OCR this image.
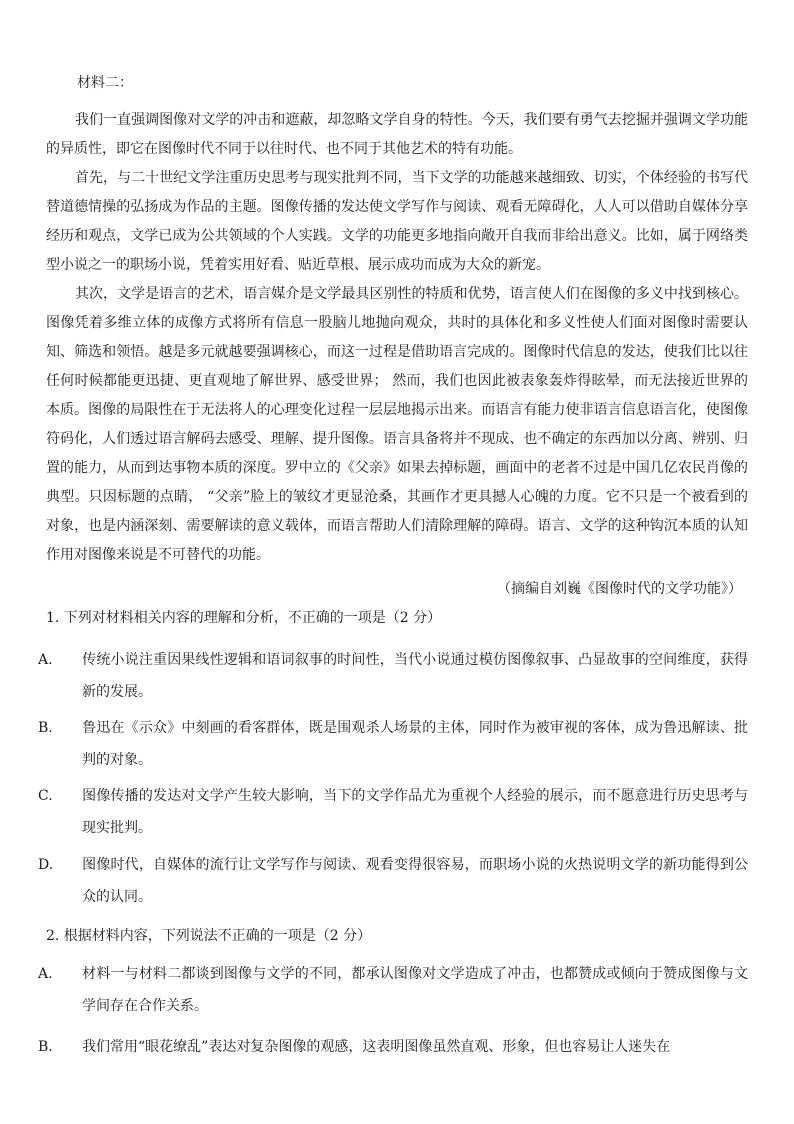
材料二：

我们一直强调图像对文学的冲击和遮蔽，却忽略文学自身的特性。今天，我们要有勇气去挖掘并强调文学功能的异质性，即它在图像时代不同于以往时代、也不同于其他艺术的特有功能。

首先，与二十世纪文学注重历史思考与现实批判不同，当下文学的功能越来越细致、切实，个体经验的书写代替道德情操的弘扬成为作品的主题。图像传播的发达使文学写作与阅读、观看无障碍化，人人可以借助自媒体分享经历和观点，文学已成为公共领域的个人实践。文学的功能更多地指向敞开自我而非给出意义。比如，属于网络类型小说之一的职场小说，凭着实用好看、贴近草根、展示成功而成为大众的新宠。

其次，文学是语言的艺术，语言媒介是文学最具区别性的特质和优势，语言使人们在图像的多义中找到核心。图像凭着多维立体的成像方式将所有信息一股脑儿地抛向观众，共时的具体化和多义性使人们面对图像时需要认知、筛选和领悟。越是多元就越要强调核心，而这一过程是借助语言完成的。图像时代信息的发达，使我们比以往任何时候都能更迅捷、更直观地了解世界、感受世界； 然而，我们也因此被表象轰炸得眩晕，而无法接近世界的本质。图像的局限性在于无法将人的心理变化过程一层层地揭示出来。而语言有能力使非语言信息语言化，使图像符码化，人们透过语言解码去感受、理解、提升图像。语言具备将并不现成、也不确定的东西加以分离、辨别、归置的能力，从而到达事物本质的深度。罗中立的《父亲》如果去掉标题，画面中的老者不过是中国几亿农民肖像的典型。只因标题的点睛， “父亲”脸上的皱纹才更显沧桑，其画作才更具撼人心魄的力度。它不只是一个被看到的对象，也是内涵深刻、需要解读的意义载体，而语言帮助人们清除理解的障碍。语言、文学的这种钩沉本质的认知作用对图像来说是不可替代的功能。

（摘编自刘巍《图像时代的文学功能》）
1. 下列对材料相关内容的理解和分析，不正确的一项是（2 分）
A. 传统小说注重因果线性逻辑和语词叙事的时间性，当代小说通过模仿图像叙事、凸显故事的空间维度，获得新的发展。
B. 鲁迅在《示众》中刻画的看客群体，既是围观杀人场景的主体，同时作为被审视的客体，成为鲁迅解读、批判的对象。
C. 图像传播的发达对文学产生较大影响，当下的文学作品尤为重视个人经验的展示，而不愿意进行历史思考与现实批判。
D. 图像时代，自媒体的流行让文学写作与阅读、观看变得很容易，而职场小说的火热说明文学的新功能得到公众的认同。
2. 根据材料内容，下列说法不正确的一项是（2 分）
A. 材料一与材料二都谈到图像与文学的不同，都承认图像对文学造成了冲击，也都赞成或倾向于赞成图像与文学间存在合作关系。
B. 我们常用“眼花缭乱”表达对复杂图像的观感，这表明图像虽然直观、形象，但也容易让人迷失在
